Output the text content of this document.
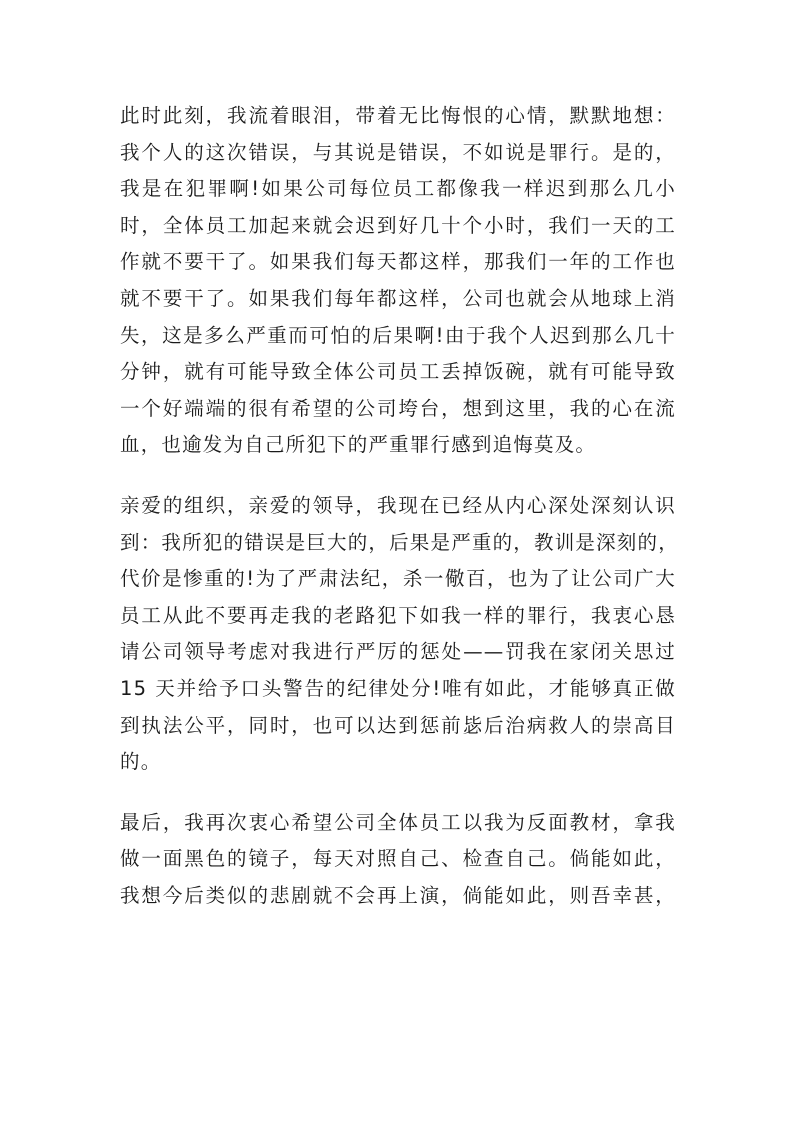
此时此刻，我流着眼泪，带着无比悔恨的心情，默默地想：
我个人的这次错误，与其说是错误，不如说是罪行。是的，
我是在犯罪啊!如果公司每位员工都像我一样迟到那么几小
时，全体员工加起来就会迟到好几十个小时，我们一天的工
作就不要干了。如果我们每天都这样，那我们一年的工作也
就不要干了。如果我们每年都这样，公司也就会从地球上消
失，这是多么严重而可怕的后果啊!由于我个人迟到那么几十
分钟，就有可能导致全体公司员工丢掉饭碗，就有可能导致
一个好端端的很有希望的公司垮台，想到这里，我的心在流
血，也逾发为自己所犯下的严重罪行感到追悔莫及。

亲爱的组织，亲爱的领导，我现在已经从内心深处深刻认识
到：我所犯的错误是巨大的，后果是严重的，教训是深刻的，
代价是惨重的!为了严肃法纪，杀一儆百，也为了让公司广大
员工从此不要再走我的老路犯下如我一样的罪行，我衷心恳
请公司领导考虑对我进行严厉的惩处——罚我在家闭关思过
15 天并给予口头警告的纪律处分!唯有如此，才能够真正做
到执法公平，同时，也可以达到惩前毖后治病救人的崇高目
的。

最后，我再次衷心希望公司全体员工以我为反面教材，拿我
做一面黑色的镜子，每天对照自己、检查自己。倘能如此，
我想今后类似的悲剧就不会再上演，倘能如此，则吾幸甚，
